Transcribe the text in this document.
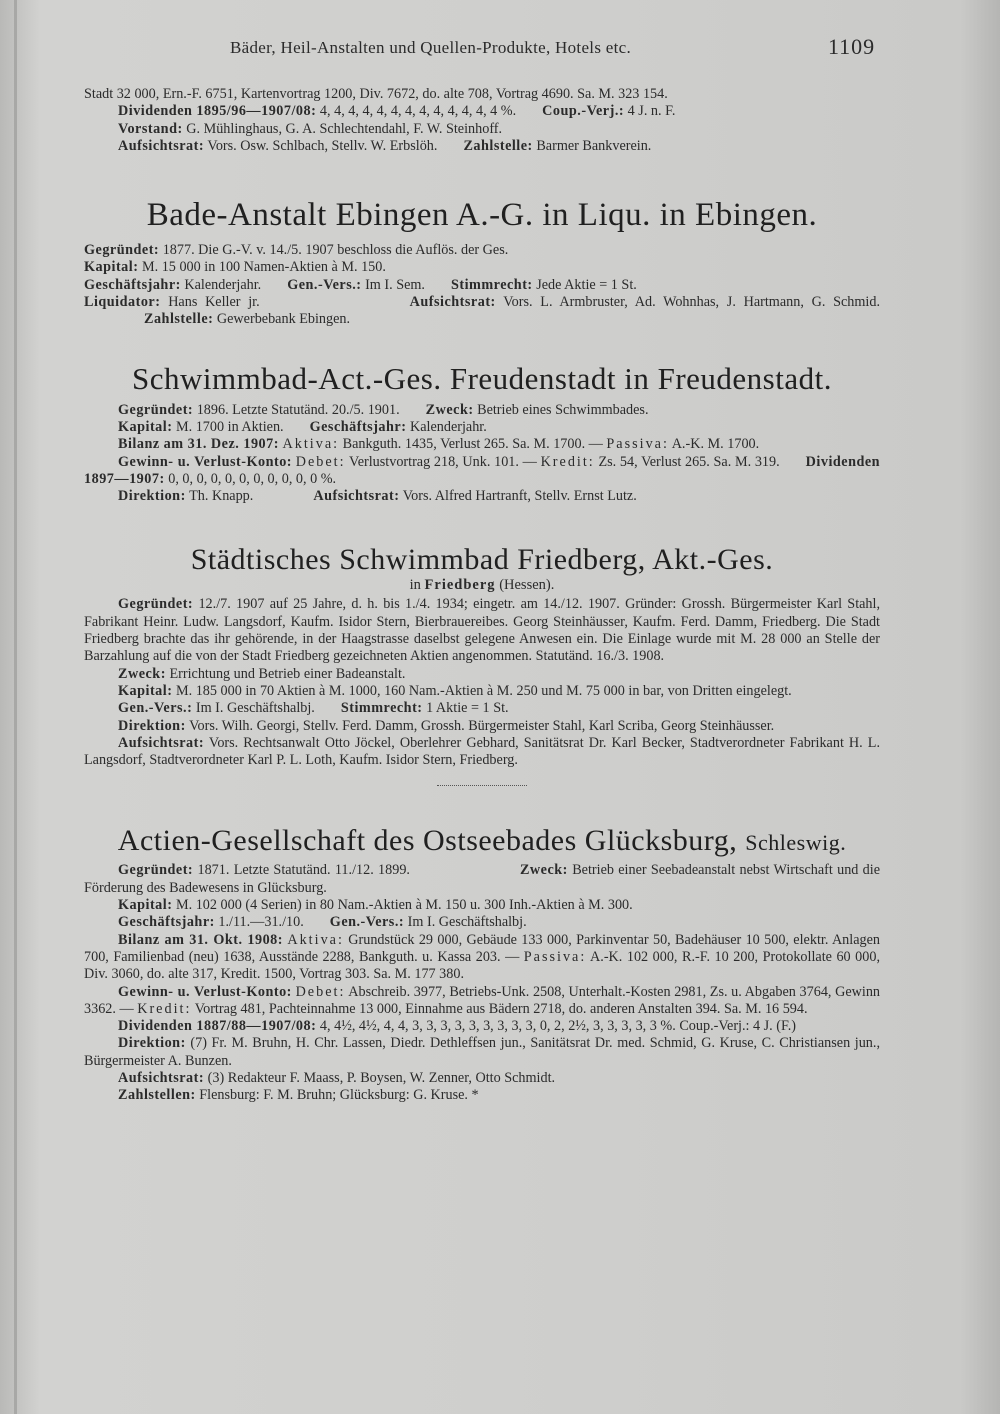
Bäder, Heil-Anstalten und Quellen-Produkte, Hotels etc.	1109

Stadt 32 000, Ern.-F. 6751, Kartenvortrag 1200, Div. 7672, do. alte 708, Vortrag 4690. Sa. M. 323 154.

Dividenden 1895/96—1907/08: 4, 4, 4, 4, 4, 4, 4, 4, 4, 4, 4, 4, 4 %. Coup.-Verj.: 4 J. n. F.

Vorstand: G. Mühlinghaus, G. A. Schlechtendahl, F. W. Steinhoff.

Aufsichtsrat: Vors. Osw. Schlbach, Stellv. W. Erbslöh. Zahlstelle: Barmer Bankverein.

Bade-Anstalt Ebingen A.-G. in Liqu. in Ebingen.

Gegründet: 1877. Die G.-V. v. 14./5. 1907 beschloss die Auflös. der Ges.

Kapital: M. 15 000 in 100 Namen-Aktien à M. 150.

Geschäftsjahr: Kalenderjahr. Gen.-Vers.: Im I. Sem. Stimmrecht: Jede Aktie = 1 St.

Liquidator: Hans Keller jr.	Aufsichtsrat: Vors. L. Armbruster, Ad. Wohnhas, J. Hartmann, G. Schmid.Zahlstelle: Gewerbebank Ebingen.

Schwimmbad-Act.-Ges. Freudenstadt in Freudenstadt.

Gegründet: 1896. Letzte Statutänd. 20./5. 1901. Zweck: Betrieb eines Schwimmbades.

Kapital: M. 1700 in Aktien. Geschäftsjahr: Kalenderjahr.

Bilanz am 31. Dez. 1907: Aktiva: Bankguth. 1435, Verlust 265. Sa. M. 1700. — Passiva: A.-K. M. 1700.

Gewinn- u. Verlust-Konto: Debet: Verlustvortrag 218, Unk. 101. — Kredit: Zs. 54, Verlust 265. Sa. M. 319. Dividenden 1897—1907: 0, 0, 0, 0, 0, 0, 0, 0, 0, 0, 0 %.

Direktion: Th. Knapp.	Aufsichtsrat: Vors. Alfred Hartranft, Stellv. Ernst Lutz.

Städtisches Schwimmbad Friedberg, Akt.-Ges.
in Friedberg (Hessen).

Gegründet: 12./7. 1907 auf 25 Jahre, d. h. bis 1./4. 1934; eingetr. am 14./12. 1907. Gründer: Grossh. Bürgermeister Karl Stahl, Fabrikant Heinr. Ludw. Langsdorf, Kaufm. Isidor Stern, Bierbrauereibes. Georg Steinhäusser, Kaufm. Ferd. Damm, Friedberg. Die Stadt Friedberg brachte das ihr gehörende, in der Haagstrasse daselbst gelegene Anwesen ein. Die Einlage wurde mit M. 28 000 an Stelle der Barzahlung auf die von der Stadt Friedberg gezeichneten Aktien angenommen. Statutänd. 16./3. 1908.

Zweck: Errichtung und Betrieb einer Badeanstalt.

Kapital: M. 185 000 in 70 Aktien à M. 1000, 160 Nam.-Aktien à M. 250 und M. 75 000 in bar, von Dritten eingelegt.

Gen.-Vers.: Im I. Geschäftshalbj. Stimmrecht: 1 Aktie = 1 St.

Direktion: Vors. Wilh. Georgi, Stellv. Ferd. Damm, Grossh. Bürgermeister Stahl, Karl Scriba, Georg Steinhäusser.

Aufsichtsrat: Vors. Rechtsanwalt Otto Jöckel, Oberlehrer Gebhard, Sanitätsrat Dr. Karl Becker, Stadtverordneter Fabrikant H. L. Langsdorf, Stadtverordneter Karl P. L. Loth, Kaufm. Isidor Stern, Friedberg.

Actien-Gesellschaft des Ostseebades Glücksburg, Schleswig.

Gegründet: 1871. Letzte Statutänd. 11./12. 1899.	Zweck: Betrieb einer Seebadeanstalt nebst Wirtschaft und die Förderung des Badewesens in Glücksburg.

Kapital: M. 102 000 (4 Serien) in 80 Nam.-Aktien à M. 150 u. 300 Inh.-Aktien à M. 300.

Geschäftsjahr: 1./11.—31./10. Gen.-Vers.: Im I. Geschäftshalbj.

Bilanz am 31. Okt. 1908: Aktiva: Grundstück 29 000, Gebäude 133 000, Parkinventar 50, Badehäuser 10 500, elektr. Anlagen 700, Familienbad (neu) 1638, Ausstände 2288, Bankguth. u. Kassa 203. — Passiva: A.-K. 102 000, R.-F. 10 200, Protokollate 60 000, Div. 3060, do. alte 317, Kredit. 1500, Vortrag 303. Sa. M. 177 380.

Gewinn- u. Verlust-Konto: Debet: Abschreib. 3977, Betriebs-Unk. 2508, Unterhalt.-Kosten 2981, Zs. u. Abgaben 3764, Gewinn 3362. — Kredit: Vortrag 481, Pachteinnahme 13 000, Einnahme aus Bädern 2718, do. anderen Anstalten 394. Sa. M. 16 594.

Dividenden 1887/88—1907/08: 4, 4½, 4½, 4, 4, 3, 3, 3, 3, 3, 3, 3, 3, 3, 0, 2, 2½, 3, 3, 3, 3, 3 %. Coup.-Verj.: 4 J. (F.)

Direktion: (7) Fr. M. Bruhn, H. Chr. Lassen, Diedr. Dethleffsen jun., Sanitätsrat Dr. med. Schmid, G. Kruse, C. Christiansen jun., Bürgermeister A. Bunzen.

Aufsichtsrat: (3) Redakteur F. Maass, P. Boysen, W. Zenner, Otto Schmidt.

Zahlstellen: Flensburg: F. M. Bruhn; Glücksburg: G. Kruse. *
